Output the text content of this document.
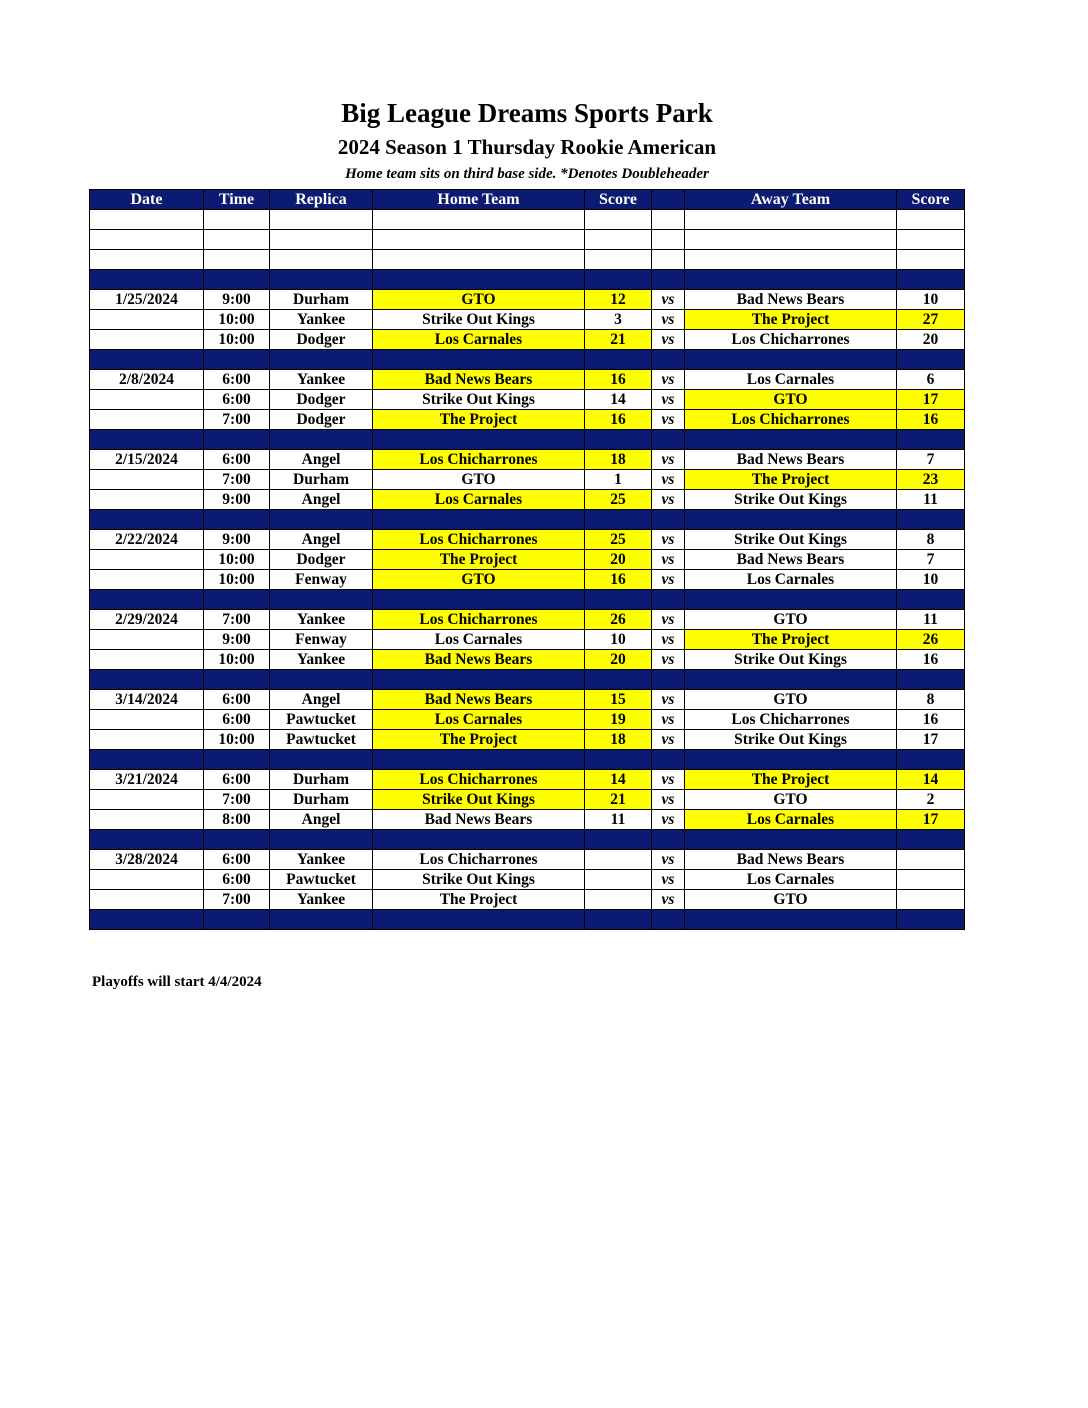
Big League Dreams Sports Park
2024 Season 1 Thursday Rookie American
Home team sits on third base side. *Denotes Doubleheader
Date	Time	Replica	Home Team	Score		Away Team	Score

1/25/2024	9:00	Durham	GTO	12	vs	Bad News Bears	10
	10:00	Yankee	Strike Out Kings	3	vs	The Project	27
	10:00	Dodger	Los Carnales	21	vs	Los Chicharrones	20

2/8/2024	6:00	Yankee	Bad News Bears	16	vs	Los Carnales	6
	6:00	Dodger	Strike Out Kings	14	vs	GTO	17
	7:00	Dodger	The Project	16	vs	Los Chicharrones	16

2/15/2024	6:00	Angel	Los Chicharrones	18	vs	Bad News Bears	7
	7:00	Durham	GTO	1	vs	The Project	23
	9:00	Angel	Los Carnales	25	vs	Strike Out Kings	11

2/22/2024	9:00	Angel	Los Chicharrones	25	vs	Strike Out Kings	8
	10:00	Dodger	The Project	20	vs	Bad News Bears	7
	10:00	Fenway	GTO	16	vs	Los Carnales	10

2/29/2024	7:00	Yankee	Los Chicharrones	26	vs	GTO	11
	9:00	Fenway	Los Carnales	10	vs	The Project	26
	10:00	Yankee	Bad News Bears	20	vs	Strike Out Kings	16

3/14/2024	6:00	Angel	Bad News Bears	15	vs	GTO	8
	6:00	Pawtucket	Los Carnales	19	vs	Los Chicharrones	16
	10:00	Pawtucket	The Project	18	vs	Strike Out Kings	17

3/21/2024	6:00	Durham	Los Chicharrones	14	vs	The Project	14
	7:00	Durham	Strike Out Kings	21	vs	GTO	2
	8:00	Angel	Bad News Bears	11	vs	Los Carnales	17

3/28/2024	6:00	Yankee	Los Chicharrones		vs	Bad News Bears	
	6:00	Pawtucket	Strike Out Kings		vs	Los Carnales	
	7:00	Yankee	The Project		vs	GTO	

Playoffs will start 4/4/2024
